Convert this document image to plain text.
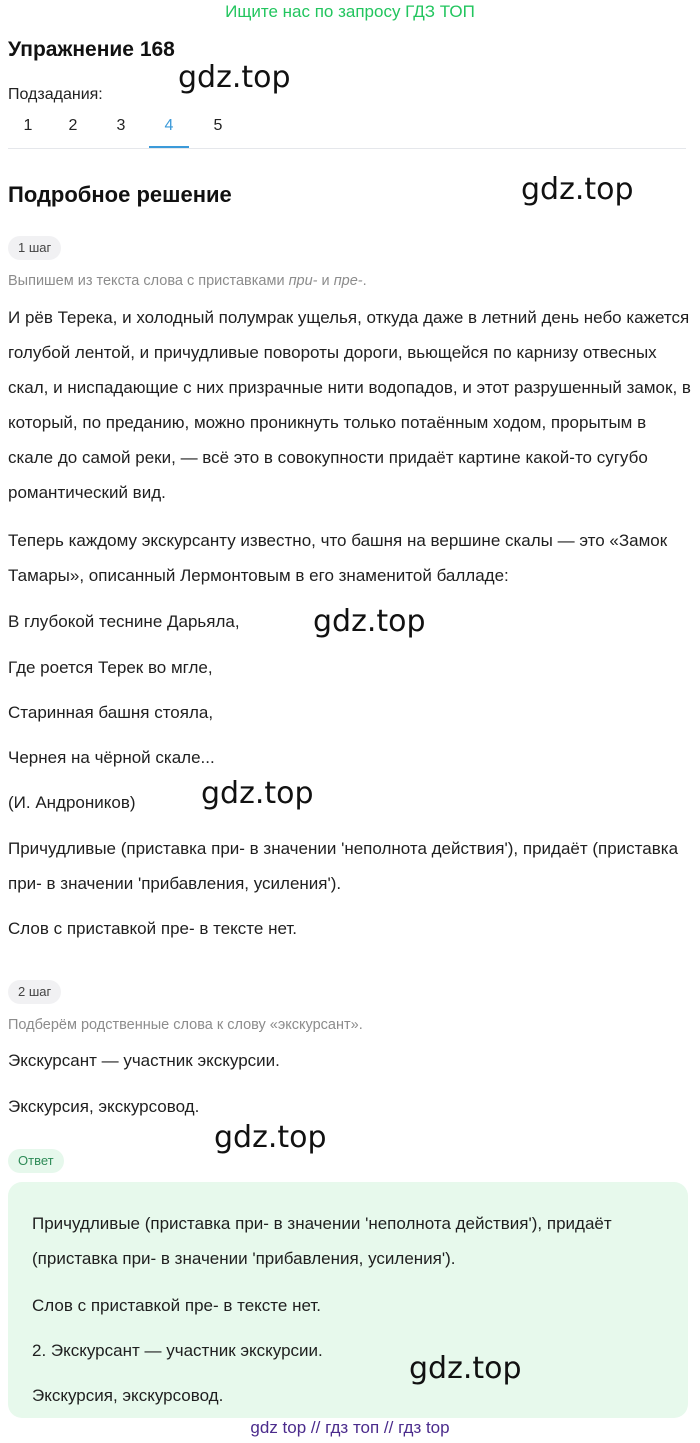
Ищите нас по запросу ГДЗ ТОП
Упражнение 168
Подзадания:
1	2	3	4	5
Подробное решение
1 шаг
Выпишем из текста слова с приставками при- и пре-.
И рёв Терека, и холодный полумрак ущелья, откуда даже в летний день небо кажется голубой лентой, и причудливые повороты дороги, вьющейся по карнизу отвесных скал, и ниспадающие с них призрачные нити водопадов, и этот разрушенный замок, в который, по преданию, можно проникнуть только потаённым ходом, прорытым в скале до самой реки, — всё это в совокупности придаёт картине какой-то сугубо романтический вид.
Теперь каждому экскурсанту известно, что башня на вершине скалы — это «Замок Тамары», описанный Лермонтовым в его знаменитой балладе:
В глубокой теснине Дарьяла,
Где роется Терек во мгле,
Старинная башня стояла,
Чернея на чёрной скале...
(И. Андроников)
Причудливые (приставка при- в значении 'неполнота действия'), придаёт (приставка при- в значении 'прибавления, усиления').
Слов с приставкой пре- в тексте нет.
2 шаг
Подберём родственные слова к слову «экскурсант».
Экскурсант — участник экскурсии.
Экскурсия, экскурсовод.
Ответ
Причудливые (приставка при- в значении 'неполнота действия'), придаёт (приставка при- в значении 'прибавления, усиления').
Слов с приставкой пре- в тексте нет.
2. Экскурсант — участник экскурсии.
Экскурсия, экскурсовод.
gdz.top
gdz.top
gdz.top
gdz.top
gdz.top
gdz.top
gdz top // гдз топ // гдз top
